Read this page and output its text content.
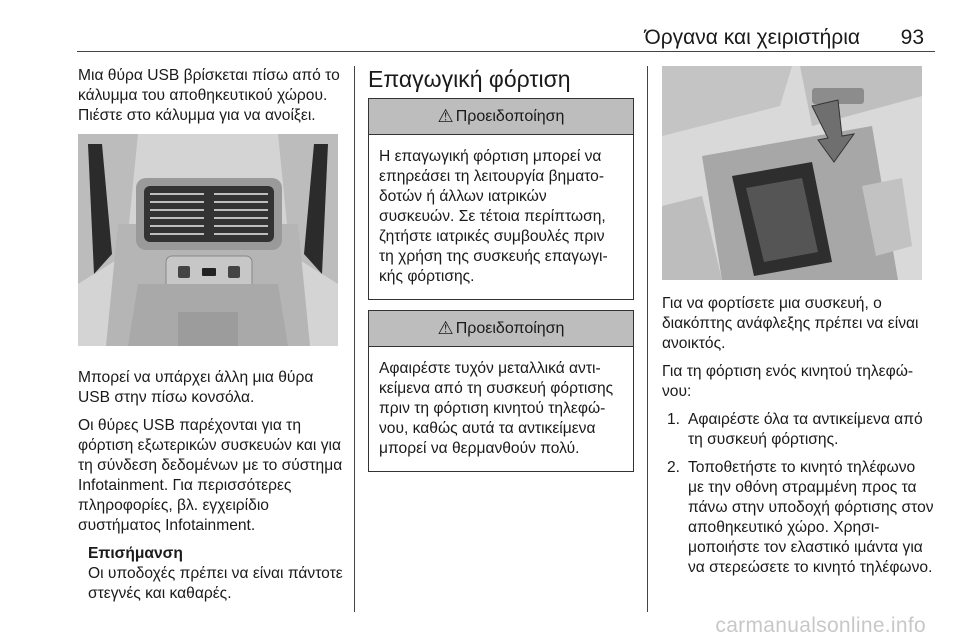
Όργανα και χειριστήρια 93

Μια θύρα USB βρίσκεται πίσω από το κάλυμμα του αποθηκευτικού χώρου. Πιέστε στο κάλυμμα για να ανοίξει.

Μπορεί να υπάρχει άλλη μια θύρα USB στην πίσω κονσόλα.

Οι θύρες USB παρέχονται για τη φόρτιση εξωτερικών συσκευών και για τη σύνδεση δεδομένων με το σύστημα Infotainment. Για περισσότερες πληροφορίες, βλ. εγχειρίδιο συστήματος Infotainment.

Επισήμανση
Οι υποδοχές πρέπει να είναι πάντοτε στεγνές και καθαρές.
Επαγωγική φόρτιση
⚠ Προειδοποίηση
Η επαγωγική φόρτιση μπορεί να επηρεάσει τη λειτουργία βηματοδοτών ή άλλων ιατρικών συσκευών. Σε τέτοια περίπτωση, ζητήστε ιατρικές συμβουλές πριν τη χρήση της συσκευής επαγωγικής φόρτισης.
⚠ Προειδοποίηση
Αφαιρέστε τυχόν μεταλλικά αντικείμενα από τη συσκευή φόρτισης πριν τη φόρτιση κινητού τηλεφώνου, καθώς αυτά τα αντικείμενα μπορεί να θερμανθούν πολύ.

Για να φορτίσετε μια συσκευή, ο διακόπτης ανάφλεξης πρέπει να είναι ανοικτός.

Για τη φόρτιση ενός κινητού τηλεφώνου:

1. Αφαιρέστε όλα τα αντικείμενα από τη συσκευή φόρτισης.
2. Τοποθετήστε το κινητό τηλέφωνο με την οθόνη στραμμένη προς τα πάνω στην υποδοχή φόρτισης στον αποθηκευτικό χώρο. Χρησιμοποιήστε τον ελαστικό ιμάντα για να στερεώσετε το κινητό τηλέφωνο.
carmanualsonline.info
